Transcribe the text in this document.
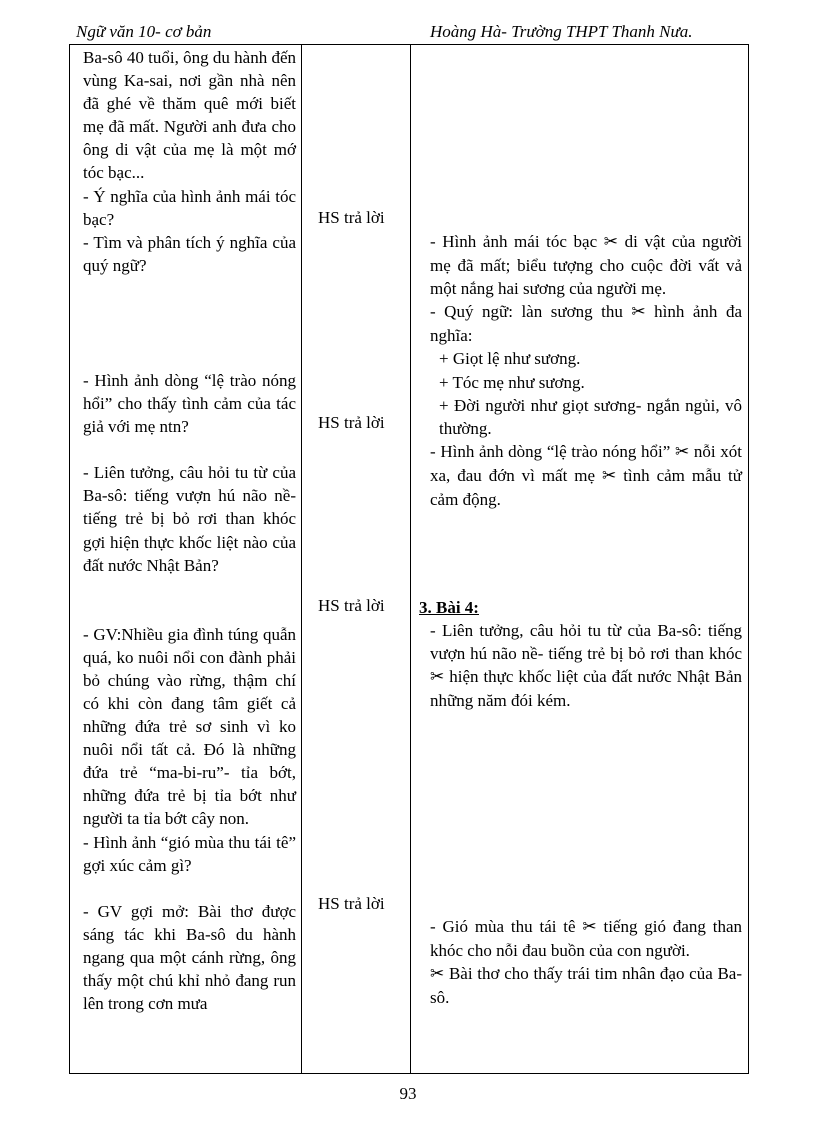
Ngữ văn 10- cơ bản	Hoàng Hà- Trường THPT Thanh Nưa.

Ba-sô 40 tuổi, ông du hành đến vùng Ka-sai, nơi gần nhà nên đã ghé về thăm quê mới biết mẹ đã mất. Người anh đưa cho ông di vật của mẹ là một mớ tóc bạc...

- Ý nghĩa của hình ảnh mái tóc bạc?

- Tìm và phân tích ý nghĩa của quý ngữ?

- Hình ảnh dòng “lệ trào nóng hổi” cho thấy tình cảm của tác giả với mẹ ntn?

- Liên tưởng, câu hỏi tu từ của Ba-sô: tiếng vượn hú não nề- tiếng trẻ bị bỏ rơi than khóc gợi hiện thực khốc liệt nào của đất nước Nhật Bản?

- GV:Nhiều gia đình túng quẫn quá, ko nuôi nổi con đành phải bỏ chúng vào rừng, thậm chí có khi còn đang tâm giết cả những đứa trẻ sơ sinh vì ko nuôi nổi tất cả. Đó là những đứa trẻ “ma-bi-ru”- tỉa bớt, những đứa trẻ bị tỉa bớt như người ta tỉa bớt cây non.

- Hình ảnh “gió mùa thu tái tê” gợi xúc cảm gì?

- GV gợi mở: Bài thơ được sáng tác khi Ba-sô du hành ngang qua một cánh rừng, ông thấy một chú khỉ nhỏ đang run lên trong cơn mưa

HS trả lời
HS trả lời
HS trả lời
HS trả lời

- Hình ảnh mái tóc bạc ✂ di vật của người mẹ đã mất; biểu tượng cho cuộc đời vất vả một nắng hai sương của người mẹ.

- Quý ngữ: làn sương thu ✂ hình ảnh đa nghĩa:

+ Giọt lệ như sương.

+ Tóc mẹ như sương.

+ Đời người như giọt sương- ngắn ngủi, vô thường.

- Hình ảnh dòng “lệ trào nóng hổi” ✂ nỗi xót xa, đau đớn vì mất mẹ ✂ tình cảm mẫu tử cảm động.

3. Bài 4:

- Liên tưởng, câu hỏi tu từ của Ba-sô: tiếng vượn hú não nề- tiếng trẻ bị bỏ rơi than khóc ✂ hiện thực khốc liệt của đất nước Nhật Bản những năm đói kém.

- Gió mùa thu tái tê ✂ tiếng gió đang than khóc cho nỗi đau buồn của con người.

✂ Bài thơ cho thấy trái tim nhân đạo của Ba-sô.

93
